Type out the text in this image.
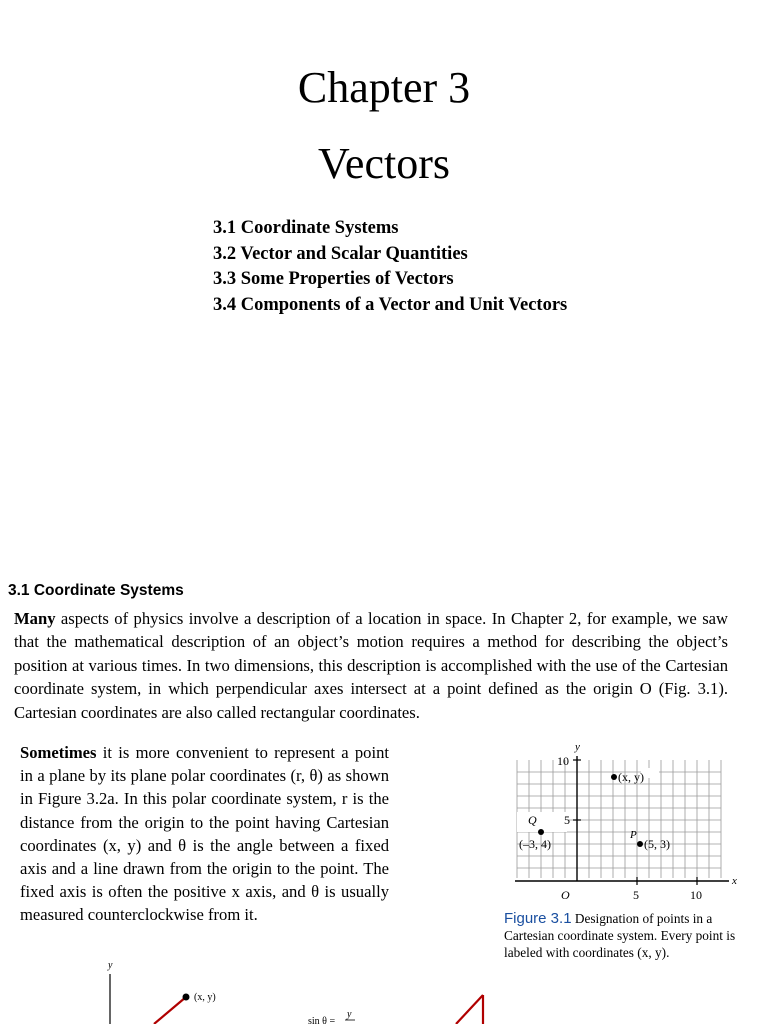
Chapter 3
Vectors
3.1 Coordinate Systems
3.2 Vector and Scalar Quantities
3.3 Some Properties of Vectors
3.4 Components of a Vector and Unit Vectors
3.1 Coordinate Systems
Many aspects of physics involve a description of a location in space. In Chapter 2, for example, we saw that the mathematical description of an object’s motion requires a method for describing the object’s position at various times. In two dimensions, this description is accomplished with the use of the Cartesian coordinate system, in which perpendicular axes intersect at a point defined as the origin O (Fig. 3.1). Cartesian coordinates are also called rectangular coordinates.
Sometimes it is more convenient to represent a point in a plane by its plane polar coordinates (r, θ) as shown in Figure 3.2a. In this polar coordinate system, r is the distance from the origin to the point having Cartesian coordinates (x, y) and θ is the angle between a fixed axis and a line drawn from the origin to the point. The fixed axis is often the positive x axis, and θ is usually measured counterclockwise from it.
y
x
O	5	10
10
5
(x, y)
Q
(–3, 4)
P
(5, 3)
Figure 3.1 Designation of points in a Cartesian coordinate system. Every point is labeled with coordinates (x, y).
y
(x, y)
sin θ =
y
